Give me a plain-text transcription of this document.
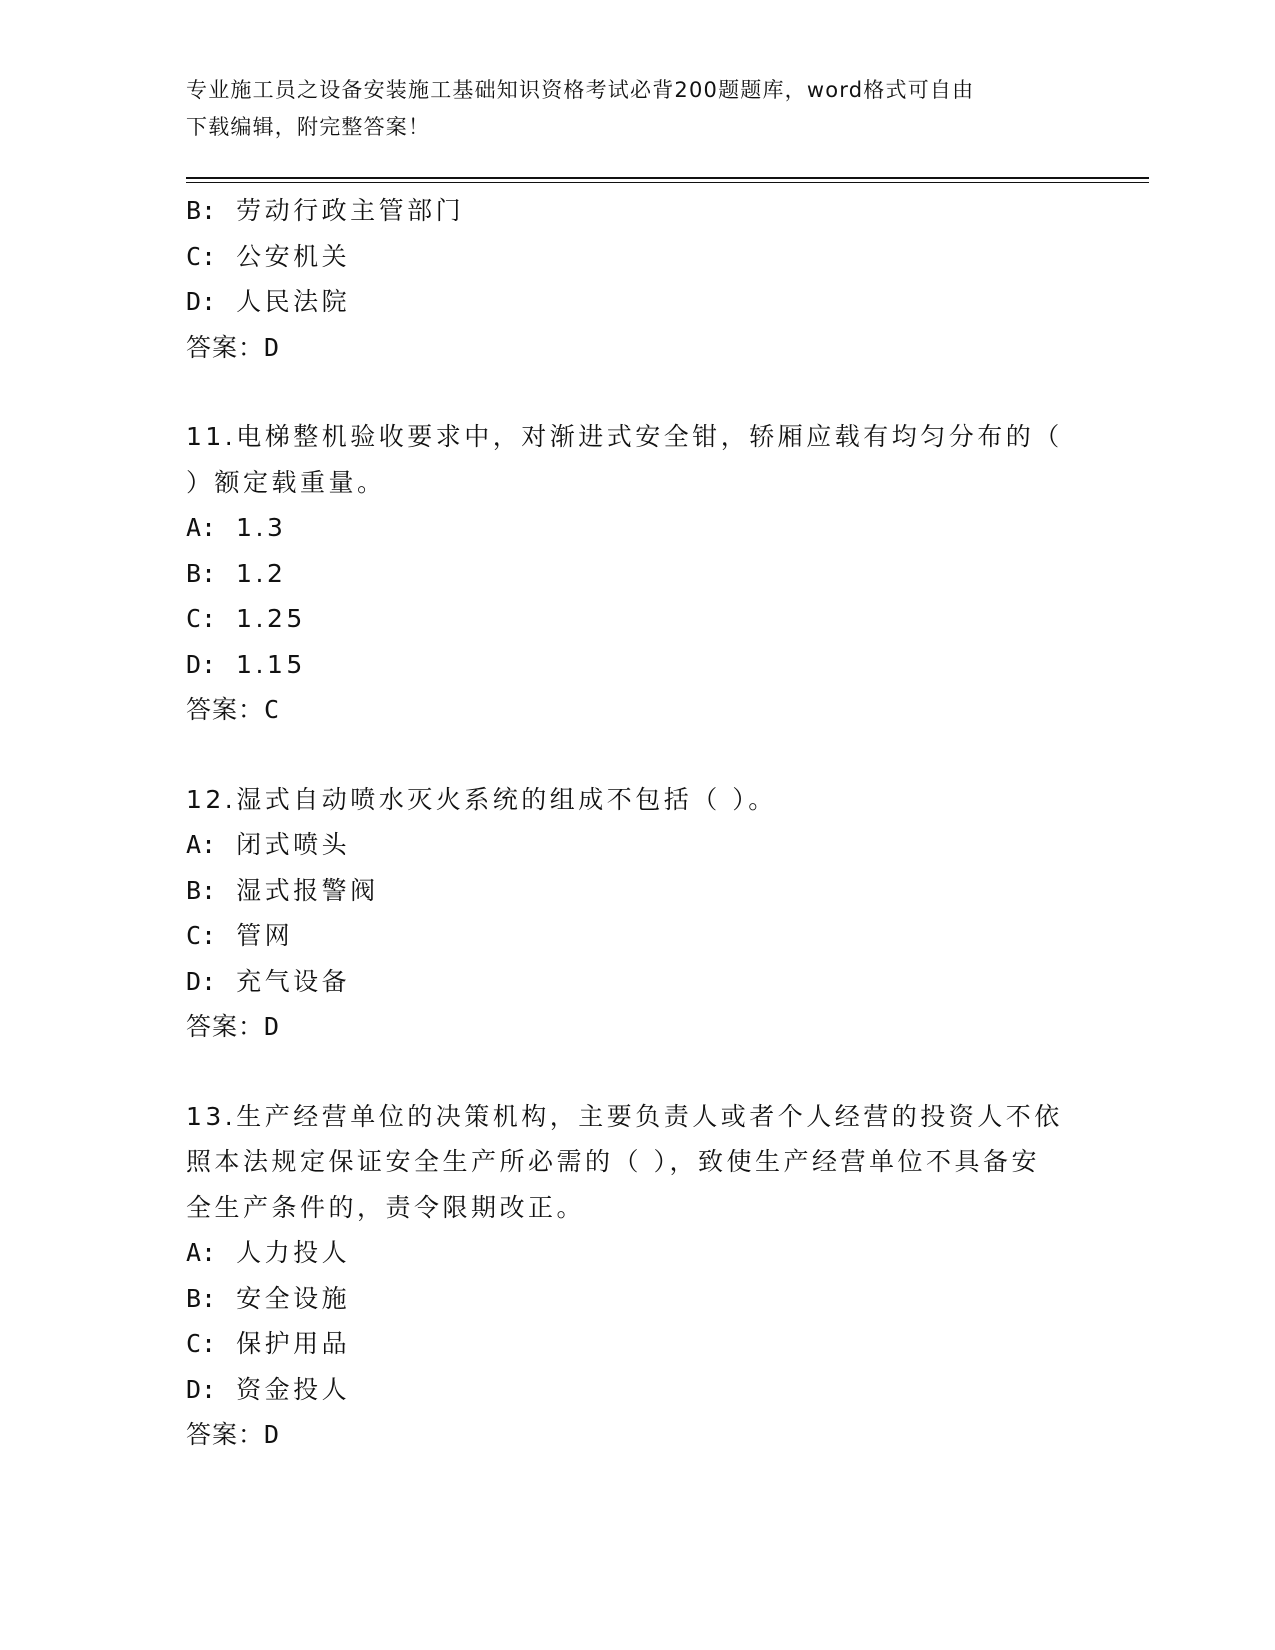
专业施工员之设备安装施工基础知识资格考试必背200题题库，word格式可自由
下载编辑，附完整答案！
B: 劳动行政主管部门
C: 公安机关
D: 人民法院
答案：D
11.电梯整机验收要求中，对渐进式安全钳，轿厢应载有均匀分布的（
）额定载重量。
A: 1.3
B: 1.2
C: 1.25
D: 1.15
答案：C
12.湿式自动喷水灭火系统的组成不包括（ ）。
A: 闭式喷头
B: 湿式报警阀
C: 管网
D: 充气设备
答案：D
13.生产经营单位的决策机构，主要负责人或者个人经营的投资人不依
照本法规定保证安全生产所必需的（ ），致使生产经营单位不具备安
全生产条件的，责令限期改正。
A: 人力投人
B: 安全设施
C: 保护用品
D: 资金投人
答案：D
